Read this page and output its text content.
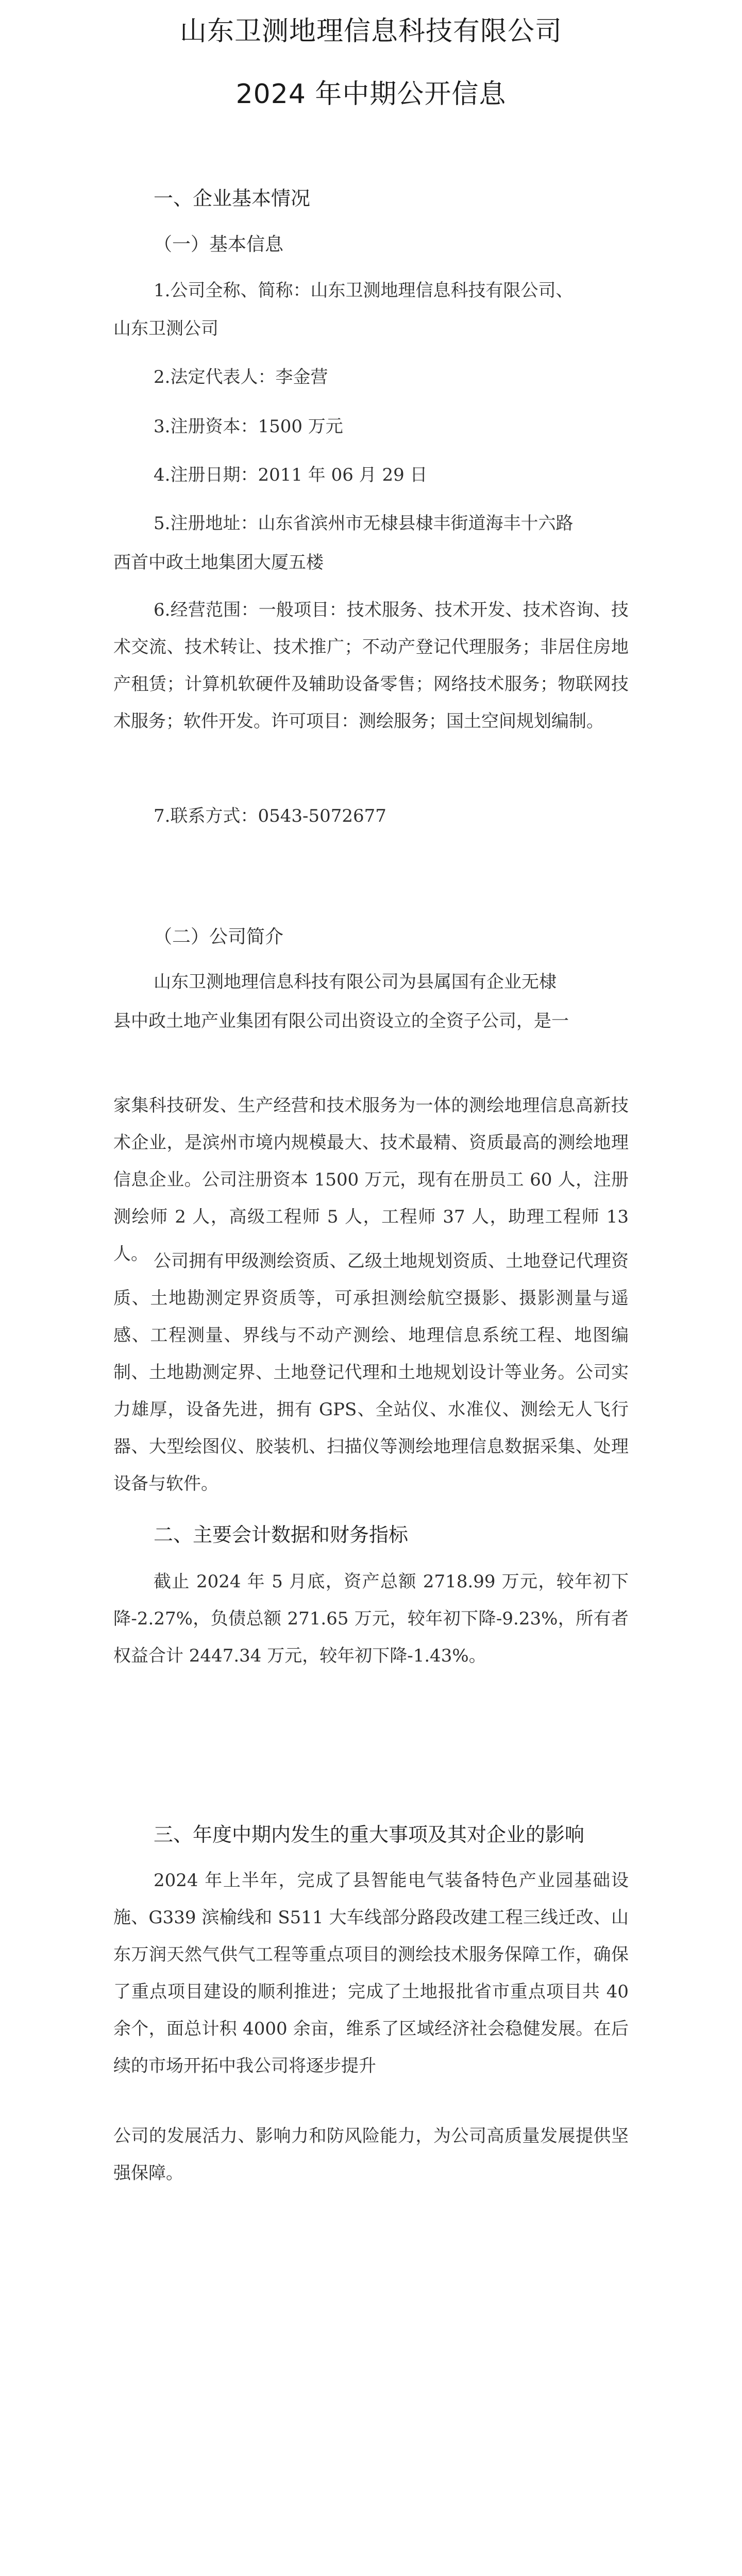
山东卫测地理信息科技有限公司
2024 年中期公开信息
一、企业基本情况
（一）基本信息
1.公司全称、简称：山东卫测地理信息科技有限公司、
山东卫测公司
2.法定代表人：李金营
3.注册资本：1500 万元
4.注册日期：2011 年 06 月 29 日
5.注册地址：山东省滨州市无棣县棣丰街道海丰十六路
西首中政土地集团大厦五楼
6.经营范围：一般项目：技术服务、技术开发、技术咨询、技术交流、技术转让、技术推广；不动产登记代理服务；非居住房地产租赁；计算机软硬件及辅助设备零售；网络技术服务；物联网技术服务；软件开发。许可项目：测绘服务；国土空间规划编制。
7.联系方式：0543-5072677
（二）公司简介
山东卫测地理信息科技有限公司为县属国有企业无棣
县中政土地产业集团有限公司出资设立的全资子公司，是一
家集科技研发、生产经营和技术服务为一体的测绘地理信息高新技术企业，是滨州市境内规模最大、技术最精、资质最高的测绘地理信息企业。公司注册资本 1500 万元，现有在册员工 60 人，注册测绘师 2 人，高级工程师 5 人，工程师 37 人，助理工程师 13 人。 公司拥有甲级测绘资质、乙级土地规划资质、土地登记代理资质、土地勘测定界资质等，可承担测绘航空摄影、摄影测量与遥感、工程测量、界线与不动产测绘、地理信息系统工程、地图编制、土地勘测定界、土地登记代理和土地规划设计等业务。公司实力雄厚，设备先进，拥有 GPS、全站仪、水准仪、测绘无人飞行器、大型绘图仪、胶装机、扫描仪等测绘地理信息数据采集、处理设备与软件。
二、主要会计数据和财务指标
截止 2024 年 5 月底，资产总额 2718.99 万元，较年初下降-2.27%，负债总额 271.65 万元，较年初下降-9.23%，所有者权益合计 2447.34 万元，较年初下降-1.43%。
三、年度中期内发生的重大事项及其对企业的影响
2024 年上半年，完成了县智能电气装备特色产业园基础设施、G339 滨榆线和 S511 大车线部分路段改建工程三线迁改、山东万润天然气供气工程等重点项目的测绘技术服务保障工作，确保了重点项目建设的顺利推进；完成了土地报批省市重点项目共 40 余个，面总计积 4000 余亩，维系了区域经济社会稳健发展。在后续的市场开拓中我公司将逐步提升
公司的发展活力、影响力和防风险能力，为公司高质量发展提供坚强保障。
